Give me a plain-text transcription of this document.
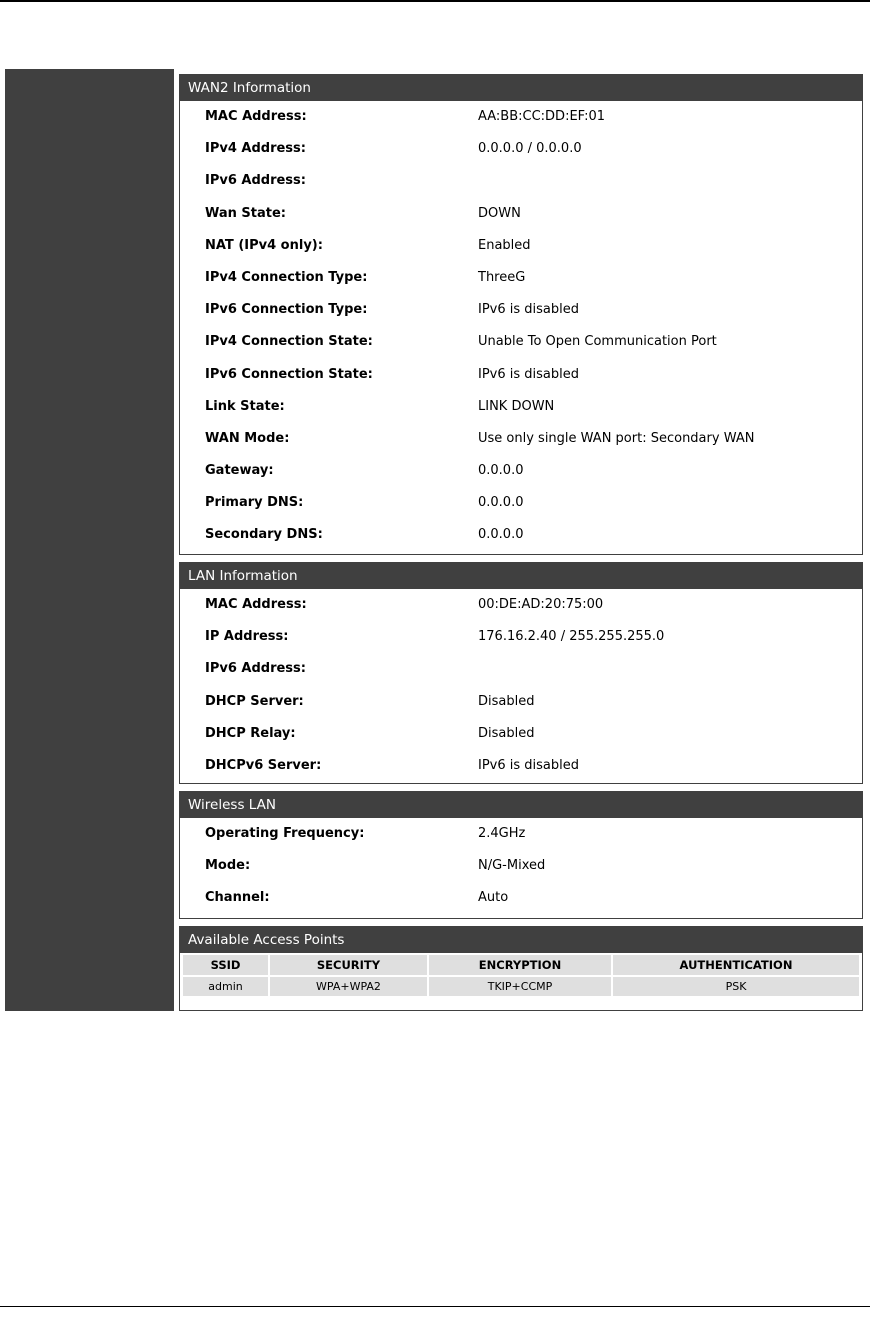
WAN2 Information
MAC Address:	AA:BB:CC:DD:EF:01
IPv4 Address:	0.0.0.0 / 0.0.0.0
IPv6 Address:
Wan State:	DOWN
NAT (IPv4 only):	Enabled
IPv4 Connection Type:	ThreeG
IPv6 Connection Type:	IPv6 is disabled
IPv4 Connection State:	Unable To Open Communication Port
IPv6 Connection State:	IPv6 is disabled
Link State:	LINK DOWN
WAN Mode:	Use only single WAN port: Secondary WAN
Gateway:	0.0.0.0
Primary DNS:	0.0.0.0
Secondary DNS:	0.0.0.0
LAN Information
MAC Address:	00:DE:AD:20:75:00
IP Address:	176.16.2.40 / 255.255.255.0
IPv6 Address:
DHCP Server:	Disabled
DHCP Relay:	Disabled
DHCPv6 Server:	IPv6 is disabled
Wireless LAN
Operating Frequency:	2.4GHz
Mode:	N/G-Mixed
Channel:	Auto
Available Access Points
SSID	SECURITY	ENCRYPTION	AUTHENTICATION
admin	WPA+WPA2	TKIP+CCMP	PSK
